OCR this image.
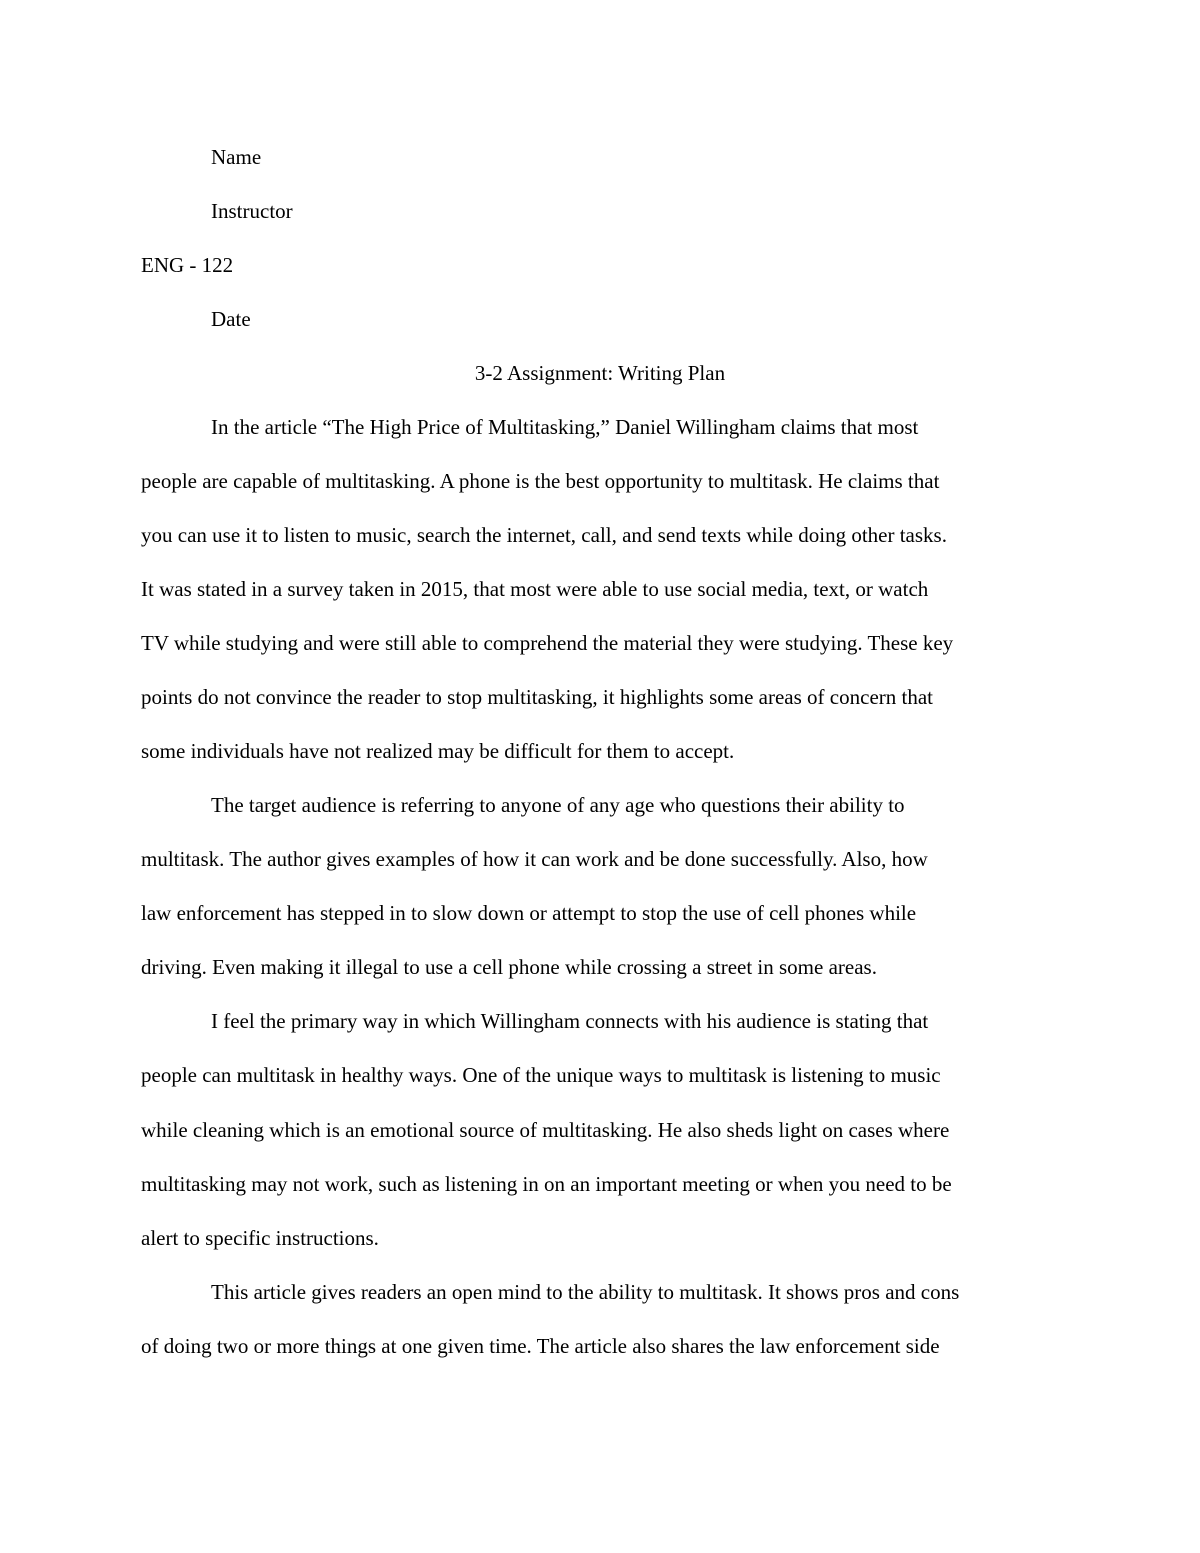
Name
Instructor
ENG - 122
Date
3-2 Assignment: Writing Plan
In the article “The High Price of Multitasking,” Daniel Willingham claims that most
people are capable of multitasking. A phone is the best opportunity to multitask. He claims that
you can use it to listen to music, search the internet, call, and send texts while doing other tasks.
It was stated in a survey taken in 2015, that most were able to use social media, text, or watch
TV while studying and were still able to comprehend the material they were studying. These key
points do not convince the reader to stop multitasking, it highlights some areas of concern that
some individuals have not realized may be difficult for them to accept.
The target audience is referring to anyone of any age who questions their ability to
multitask. The author gives examples of how it can work and be done successfully. Also, how
law enforcement has stepped in to slow down or attempt to stop the use of cell phones while
driving. Even making it illegal to use a cell phone while crossing a street in some areas.
I feel the primary way in which Willingham connects with his audience is stating that
people can multitask in healthy ways. One of the unique ways to multitask is listening to music
while cleaning which is an emotional source of multitasking. He also sheds light on cases where
multitasking may not work, such as listening in on an important meeting or when you need to be
alert to specific instructions.
This article gives readers an open mind to the ability to multitask. It shows pros and cons
of doing two or more things at one given time. The article also shares the law enforcement side
